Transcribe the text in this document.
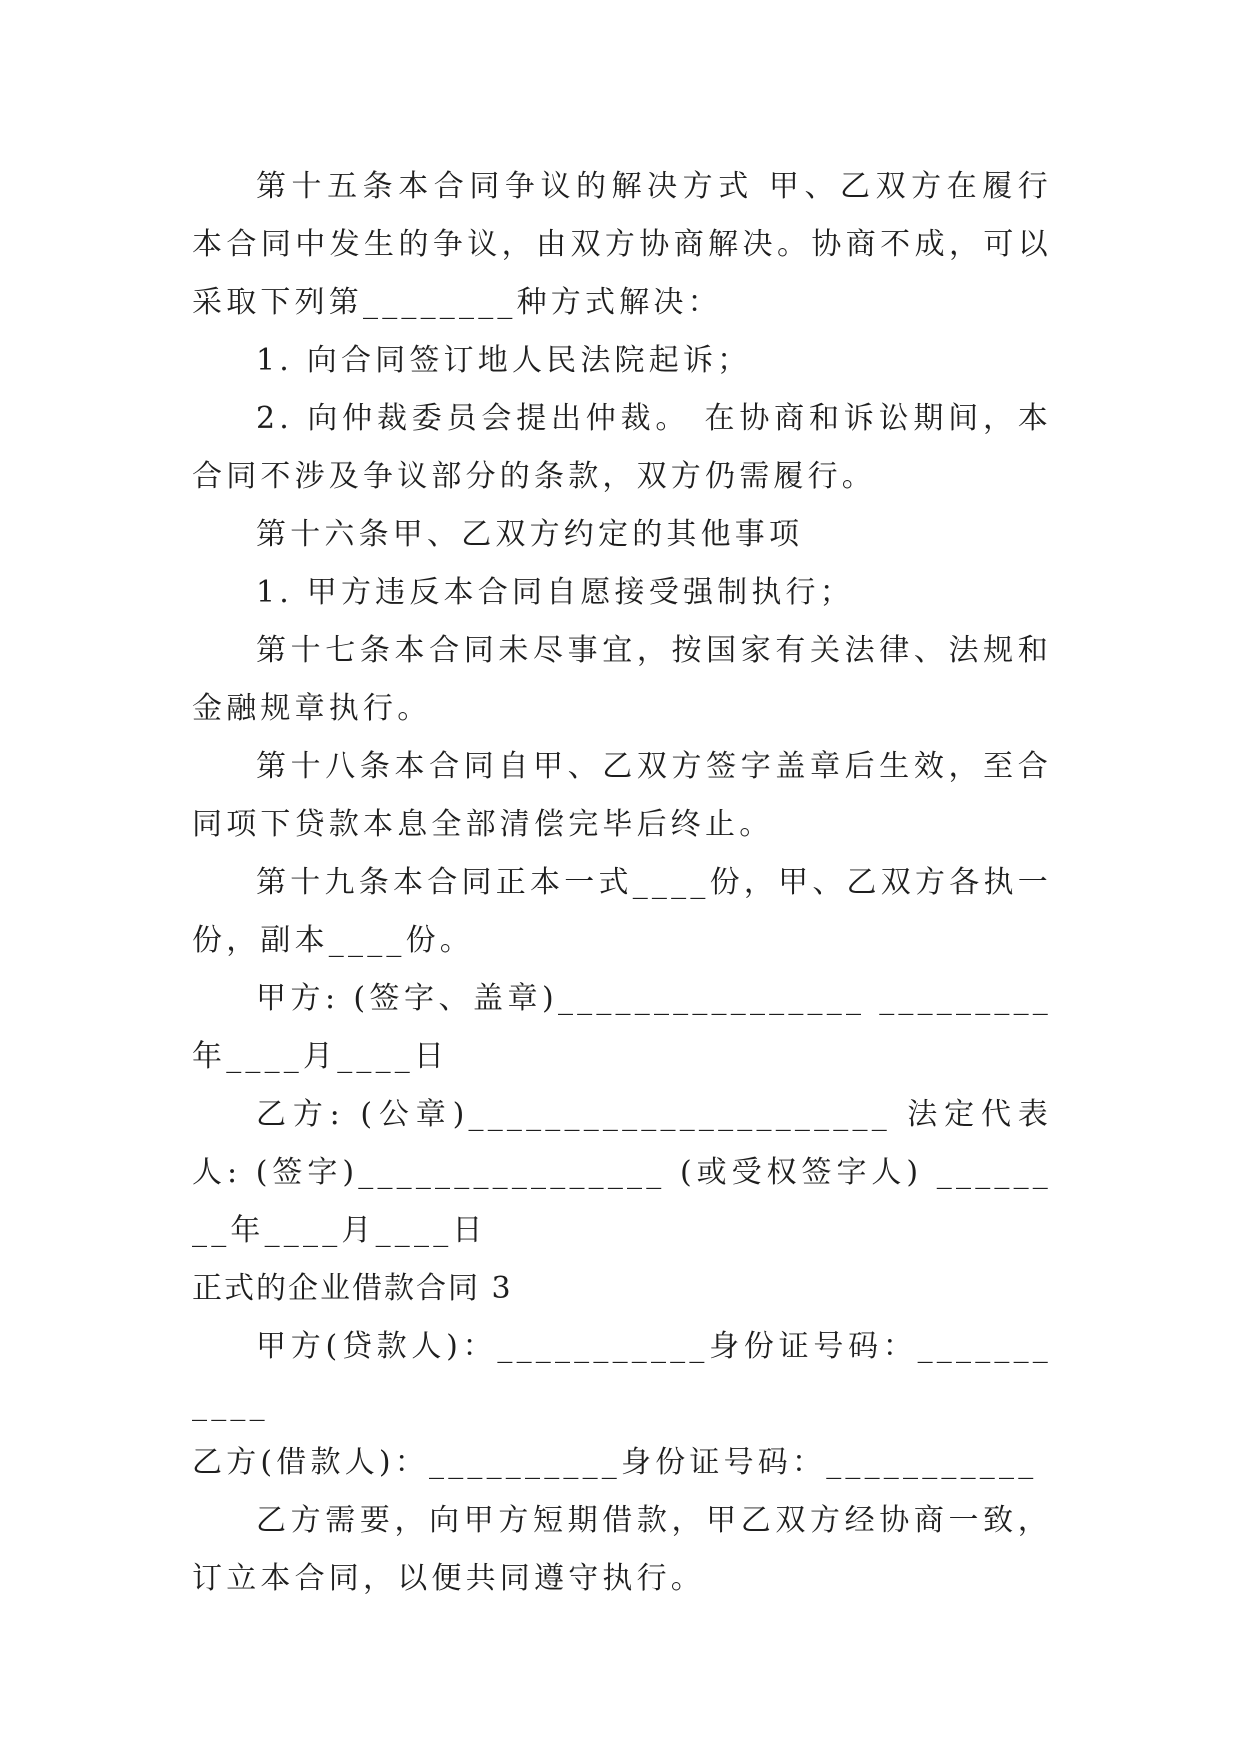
第十五条本合同争议的解决方式 甲、乙双方在履行本合同中发生的争议，由双方协商解决。协商不成，可以采取下列第________种方式解决：

1. 向合同签订地人民法院起诉；

2. 向仲裁委员会提出仲裁。 在协商和诉讼期间，本合同不涉及争议部分的条款，双方仍需履行。

第十六条甲、乙双方约定的其他事项

1. 甲方违反本合同自愿接受强制执行；

第十七条本合同未尽事宜，按国家有关法律、法规和金融规章执行。

第十八条本合同自甲、乙双方签字盖章后生效，至合同项下贷款本息全部清偿完毕后终止。

第十九条本合同正本一式____份，甲、乙双方各执一份，副本____份。

甲方: (签字、盖章)________________ _________年____月____日

乙方: (公章)______________________ 法定代表人: (签字)________________ (或受权签字人) ________年____月____日

正式的企业借款合同 3

甲方(贷款人)：___________身份证号码：___________

乙方(借款人)：__________身份证号码：___________

乙方需要，向甲方短期借款，甲乙双方经协商一致，订立本合同，以便共同遵守执行。
